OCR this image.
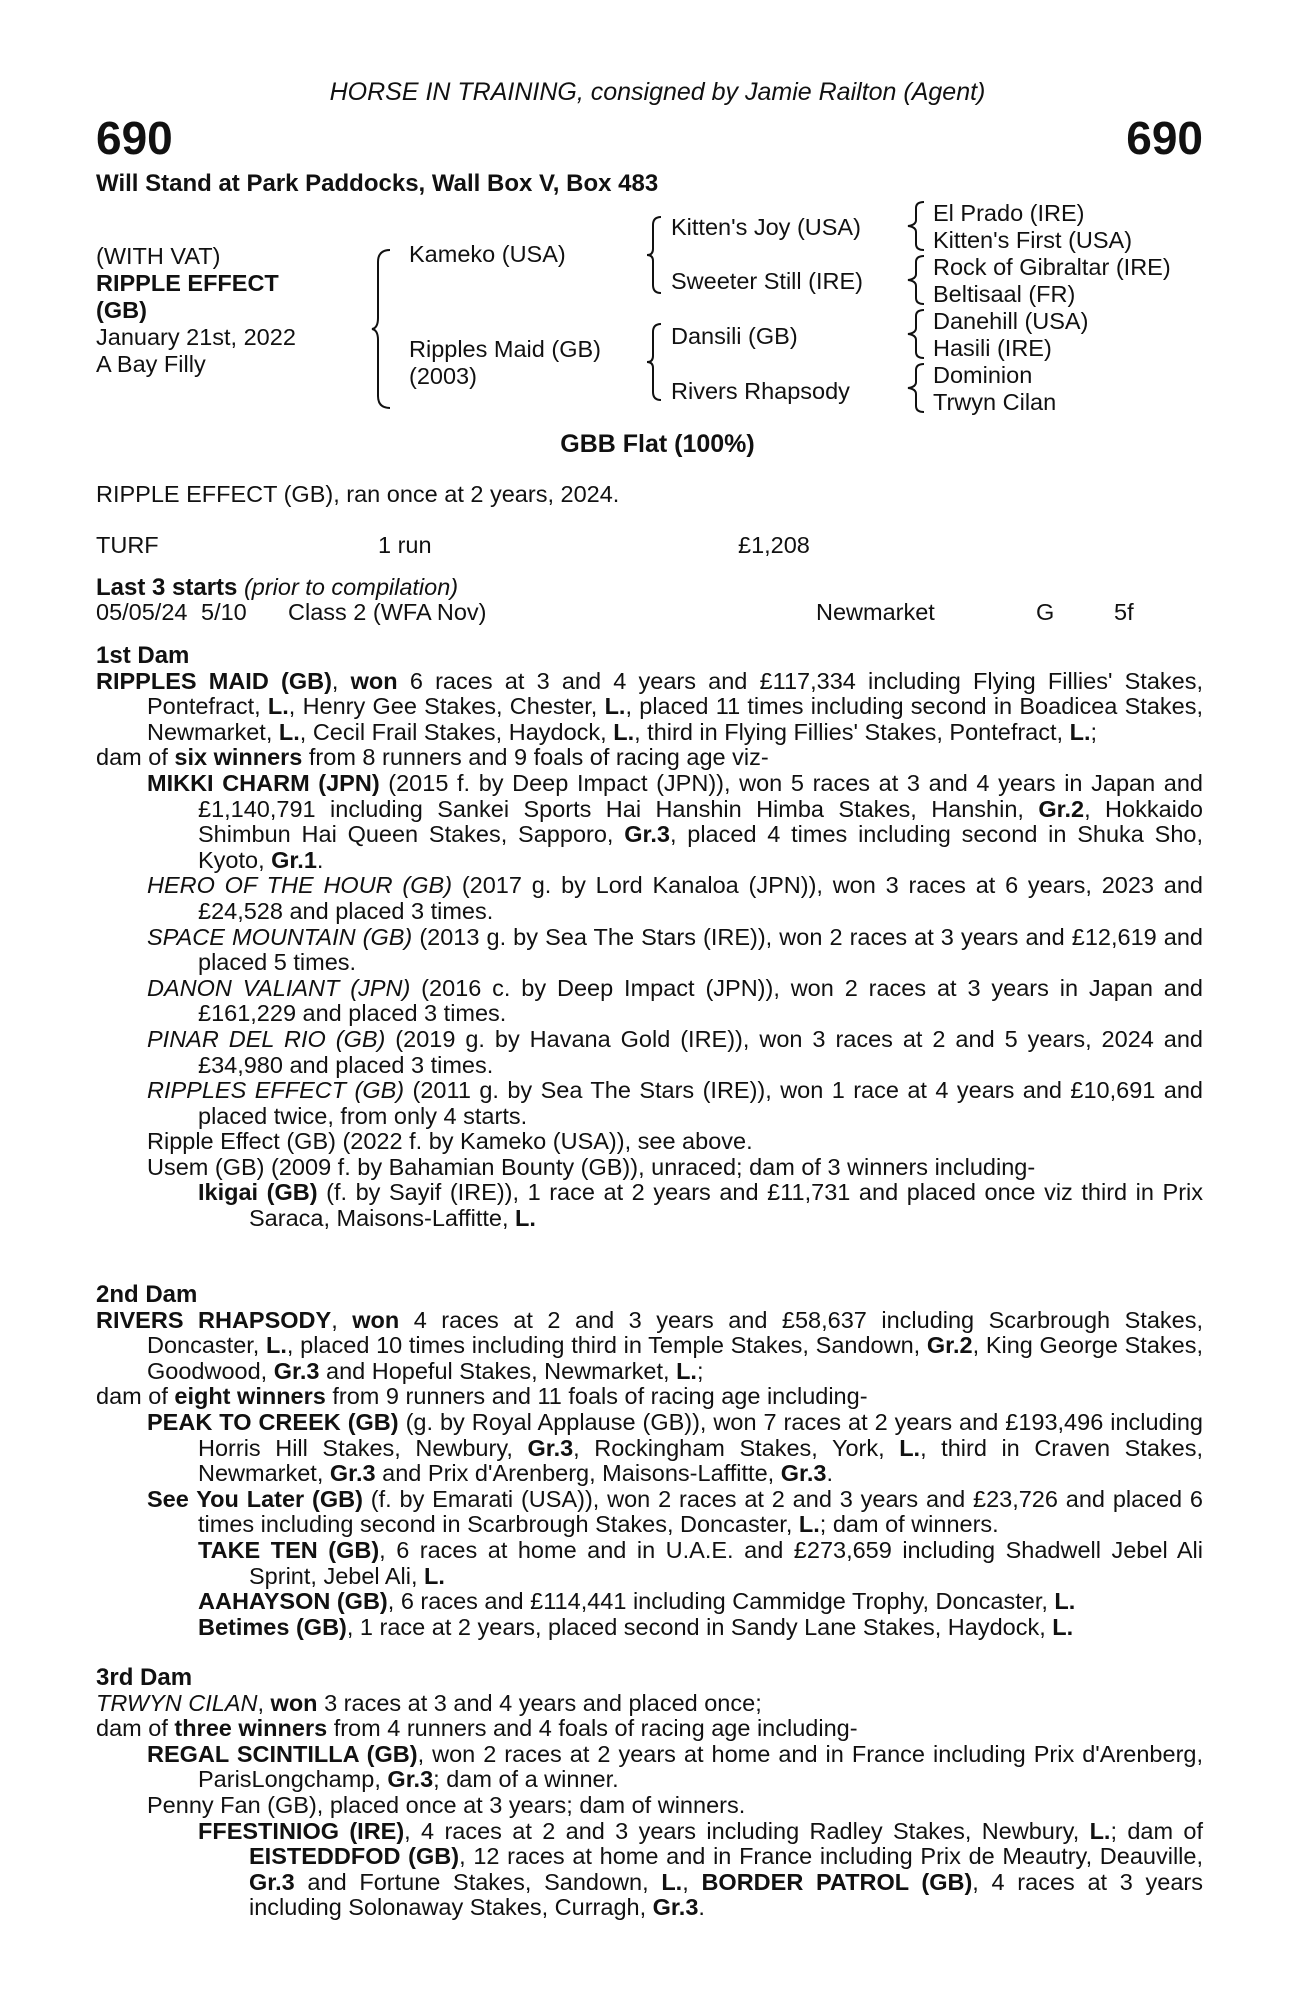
HORSE IN TRAINING, consigned by Jamie Railton (Agent)
690	690
Will Stand at Park Paddocks, Wall Box V, Box 483
(WITH VAT)
RIPPLE EFFECT
(GB)
January 21st, 2022
A Bay Filly
Kameko (USA)
Ripples Maid (GB)
(2003)
Kitten's Joy (USA)
Sweeter Still (IRE)
Dansili (GB)
Rivers Rhapsody
El Prado (IRE)
Kitten's First (USA)
Rock of Gibraltar (IRE)
Beltisaal (FR)
Danehill (USA)
Hasili (IRE)
Dominion
Trwyn Cilan
GBB Flat (100%)
RIPPLE EFFECT (GB), ran once at 2 years, 2024.
TURF	1 run	£1,208
Last 3 starts (prior to compilation)
05/05/24 5/10 Class 2 (WFA Nov)	Newmarket	G	5f

1st Dam

RIPPLES MAID (GB), won 6 races at 3 and 4 years and £117,334 including Flying Fillies' Stakes, Pontefract, L., Henry Gee Stakes, Chester, L., placed 11 times including second in Boadicea Stakes, Newmarket, L., Cecil Frail Stakes, Haydock, L., third in Flying Fillies' Stakes, Pontefract, L.;

dam of six winners from 8 runners and 9 foals of racing age viz-

MIKKI CHARM (JPN) (2015 f. by Deep Impact (JPN)), won 5 races at 3 and 4 years in Japan and £1,140,791 including Sankei Sports Hai Hanshin Himba Stakes, Hanshin, Gr.2, Hokkaido Shimbun Hai Queen Stakes, Sapporo, Gr.3, placed 4 times including second in Shuka Sho, Kyoto, Gr.1.

HERO OF THE HOUR (GB) (2017 g. by Lord Kanaloa (JPN)), won 3 races at 6 years, 2023 and £24,528 and placed 3 times.

SPACE MOUNTAIN (GB) (2013 g. by Sea The Stars (IRE)), won 2 races at 3 years and £12,619 and placed 5 times.

DANON VALIANT (JPN) (2016 c. by Deep Impact (JPN)), won 2 races at 3 years in Japan and £161,229 and placed 3 times.

PINAR DEL RIO (GB) (2019 g. by Havana Gold (IRE)), won 3 races at 2 and 5 years, 2024 and £34,980 and placed 3 times.

RIPPLES EFFECT (GB) (2011 g. by Sea The Stars (IRE)), won 1 race at 4 years and £10,691 and placed twice, from only 4 starts.

Ripple Effect (GB) (2022 f. by Kameko (USA)), see above.

Usem (GB) (2009 f. by Bahamian Bounty (GB)), unraced; dam of 3 winners including-

Ikigai (GB) (f. by Sayif (IRE)), 1 race at 2 years and £11,731 and placed once viz third in Prix Saraca, Maisons-Laffitte, L.

2nd Dam

RIVERS RHAPSODY, won 4 races at 2 and 3 years and £58,637 including Scarbrough Stakes, Doncaster, L., placed 10 times including third in Temple Stakes, Sandown, Gr.2, King George Stakes, Goodwood, Gr.3 and Hopeful Stakes, Newmarket, L.;

dam of eight winners from 9 runners and 11 foals of racing age including-

PEAK TO CREEK (GB) (g. by Royal Applause (GB)), won 7 races at 2 years and £193,496 including Horris Hill Stakes, Newbury, Gr.3, Rockingham Stakes, York, L., third in Craven Stakes, Newmarket, Gr.3 and Prix d'Arenberg, Maisons-Laffitte, Gr.3.

See You Later (GB) (f. by Emarati (USA)), won 2 races at 2 and 3 years and £23,726 and placed 6 times including second in Scarbrough Stakes, Doncaster, L.; dam of winners.

TAKE TEN (GB), 6 races at home and in U.A.E. and £273,659 including Shadwell Jebel Ali Sprint, Jebel Ali, L.

AAHAYSON (GB), 6 races and £114,441 including Cammidge Trophy, Doncaster, L.

Betimes (GB), 1 race at 2 years, placed second in Sandy Lane Stakes, Haydock, L.

3rd Dam

TRWYN CILAN, won 3 races at 3 and 4 years and placed once;

dam of three winners from 4 runners and 4 foals of racing age including-

REGAL SCINTILLA (GB), won 2 races at 2 years at home and in France including Prix d'Arenberg, ParisLongchamp, Gr.3; dam of a winner.

Penny Fan (GB), placed once at 3 years; dam of winners.

FFESTINIOG (IRE), 4 races at 2 and 3 years including Radley Stakes, Newbury, L.; dam of EISTEDDFOD (GB), 12 races at home and in France including Prix de Meautry, Deauville, Gr.3 and Fortune Stakes, Sandown, L., BORDER PATROL (GB), 4 races at 3 years including Solonaway Stakes, Curragh, Gr.3.
